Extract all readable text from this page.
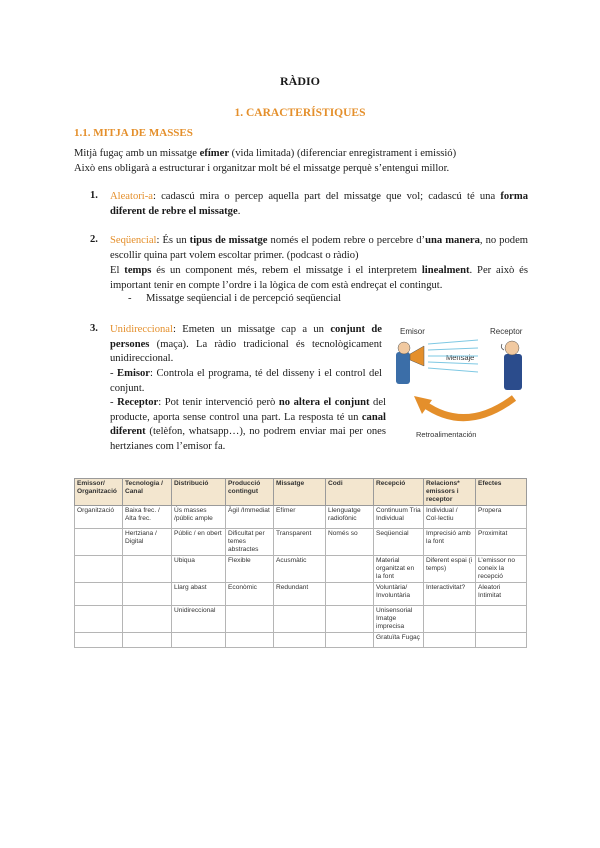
RÀDIO
1. CARACTERÍSTIQUES
1.1. MITJA DE MASSES
Mitjà fugaç amb un missatge efímer (vida limitada) (diferenciar enregistrament i emissió)
Això ens obligarà a estructurar i organitzar molt bé el missatge perquè s’entengui millor.
1. Aleatori-a: cadascú mira o percep aquella part del missatge que vol; cadascú té una forma diferent de rebre el missatge.
2. Seqüencial: És un tipus de missatge només el podem rebre o percebre d’una manera, no podem escollir quina part volem escoltar primer. (podcast o ràdio)
El temps és un component més, rebem el missatge i el interpretem linealment. Per això és important tenir en compte l’ordre i la lògica de com està endreçat el contingut.
- Missatge seqüencial i de percepció seqüencial
3. Unidireccional: Emeten un missatge cap a un conjunt de persones (maça). La ràdio tradicional és tecnològicament unidireccional.
- Emisor: Controla el programa, té del disseny i el control del conjunt.
- Receptor: Pot tenir intervenció però no altera el conjunt del producte, aporta sense control una part. La resposta té un canal diferent (telèfon, whatsapp…), no podrem enviar mai per ones hertzianes com l’emisor fa.
Emisor	Receptor
Mensaje
Retroalimentación
Emissor/ Organització	Tecnologia / Canal	Distribució	Producció contingut	Missatge	Codi	Recepció	Relacions* emissors i receptor	Efectes
Organització	Baixa frec. / Alta frec.	Ús masses /públic ample	Àgil /Immediat	Efímer	Llenguatge radiofònic	Continuum Tria Individual	Individual / Col·lectiu	Propera
	Hertziana / Digital	Públic / en obert	Dificultat per temes abstractes	Transparent	Només so	Seqüencial	Imprecisió amb la font	Proximitat
		Ubiqua	Flexible	Acusmàtic		Material organitzat en la font	Diferent espai (i temps)	L’emissor no coneix la recepció
		Llarg abast	Econòmic	Redundant		Voluntària/ Involuntària	Interactivitat?	Aleatori Intimitat
		Unidireccional				Unisensorial Imatge imprecisa		
						Gratuïta Fugaç		
